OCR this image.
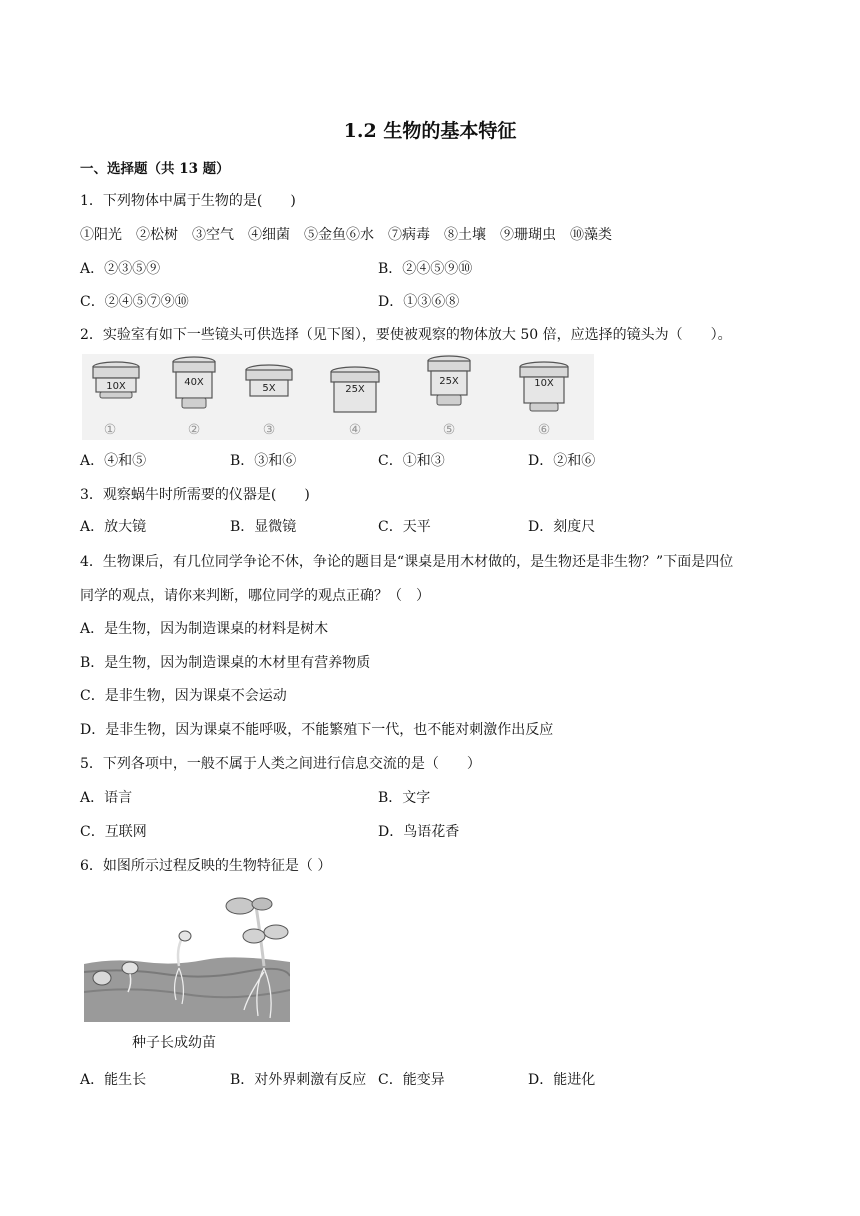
1.2 生物的基本特征
一、选择题（共 13 题）
1．下列物体中属于生物的是(　　)
①阳光　②松树　③空气　④细菌　⑤金鱼⑥水　⑦病毒　⑧土壤　⑨珊瑚虫　⑩藻类
A．②③⑤⑨	B．②④⑤⑨⑩
C．②④⑤⑦⑨⑩	D．①③⑥⑧
2．实验室有如下一些镜头可供选择（见下图），要使被观察的物体放大 50 倍，应选择的镜头为（　　）。
10X
①
40X
②
5X
③
25X
④
25X
⑤
10X
⑥
A．④和⑤	B．③和⑥	C．①和③	D．②和⑥
3．观察蜗牛时所需要的仪器是(　　)
A．放大镜	B．显微镜	C．天平	D．刻度尺
4．生物课后，有几位同学争论不休，争论的题目是“课桌是用木材做的，是生物还是非生物？”下面是四位
同学的观点，请你来判断，哪位同学的观点正确？（　）
A．是生物，因为制造课桌的材料是树木
B．是生物，因为制造课桌的木材里有营养物质
C．是非生物，因为课桌不会运动
D．是非生物，因为课桌不能呼吸，不能繁殖下一代，也不能对刺激作出反应
5．下列各项中，一般不属于人类之间进行信息交流的是（　　）
A．语言	B．文字
C．互联网	D．鸟语花香
6．如图所示过程反映的生物特征是（ ）
种子长成幼苗
A．能生长	B．对外界刺激有反应 C．能变异	D．能进化
